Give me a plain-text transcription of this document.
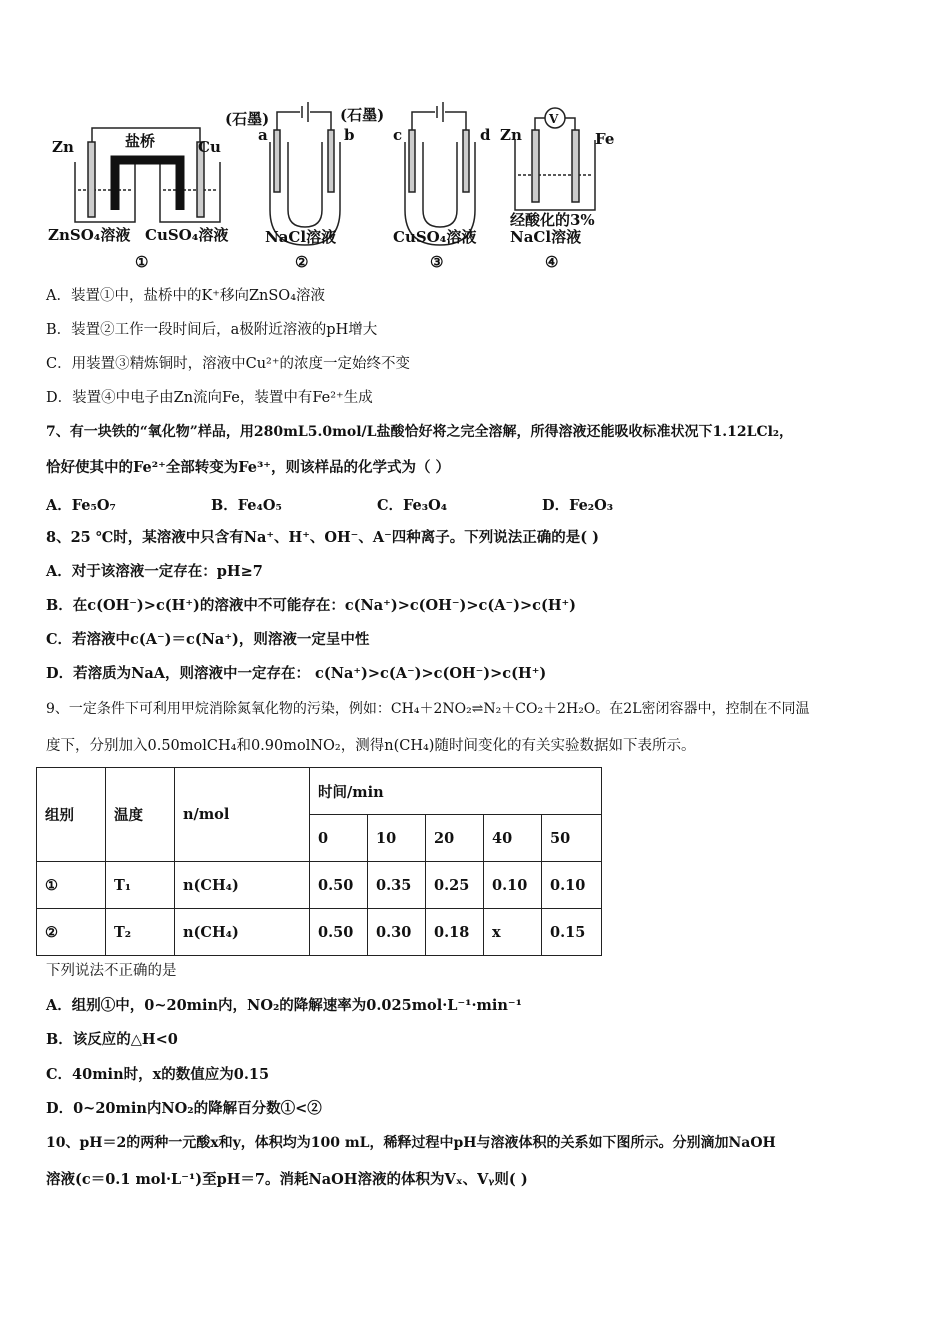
Zn	Cu
盐桥
ZnSO₄溶液 CuSO₄溶液
①
(石墨)	(石墨)
a	b
NaCl溶液
②
c	d
CuSO₄溶液
③
Zn	Fe
V
经酸化的3%
NaCl溶液
④
A．装置①中，盐桥中的K⁺移向ZnSO₄溶液
B．装置②工作一段时间后，a极附近溶液的pH增大
C．用装置③精炼铜时，溶液中Cu²⁺的浓度一定始终不变
D．装置④中电子由Zn流向Fe，装置中有Fe²⁺生成
7、有一块铁的“氧化物”样品，用280mL5.0mol/L盐酸恰好将之完全溶解，所得溶液还能吸收标准状况下1.12LCl₂，
恰好使其中的Fe²⁺全部转变为Fe³⁺，则该样品的化学式为（ ）
A．Fe₅O₇	B．Fe₄O₅	C．Fe₃O₄	D．Fe₂O₃
8、25 ℃时，某溶液中只含有Na⁺、H⁺、OH⁻、A⁻四种离子。下列说法正确的是( )
A．对于该溶液一定存在：pH≥7
B．在c(OH⁻)>c(H⁺)的溶液中不可能存在：c(Na⁺)>c(OH⁻)>c(A⁻)>c(H⁺)
C．若溶液中c(A⁻)＝c(Na⁺)，则溶液一定呈中性
D．若溶质为NaA，则溶液中一定存在： c(Na⁺)>c(A⁻)>c(OH⁻)>c(H⁺)
9、一定条件下可利用甲烷消除氮氧化物的污染，例如：CH₄＋2NO₂⇌N₂＋CO₂＋2H₂O。在2L密闭容器中，控制在不同温
度下，分别加入0.50molCH₄和0.90molNO₂，测得n(CH₄)随时间变化的有关实验数据如下表所示。
组别	温度	n/mol	时间/min				
			0	10	20	40	50
①	T₁	n(CH₄)	0.50	0.35	0.25	0.10	0.10
②	T₂	n(CH₄)	0.50	0.30	0.18	x	0.15
下列说法不正确的是
A．组别①中，0~20min内，NO₂的降解速率为0.025mol·L⁻¹·min⁻¹
B．该反应的△H<0
C．40min时，x的数值应为0.15
D．0~20min内NO₂的降解百分数①<②
10、pH＝2的两种一元酸x和y，体积均为100 mL，稀释过程中pH与溶液体积的关系如下图所示。分别滴加NaOH
溶液(c＝0.1 mol·L⁻¹)至pH＝7。消耗NaOH溶液的体积为Vₓ、Vᵧ则( )
